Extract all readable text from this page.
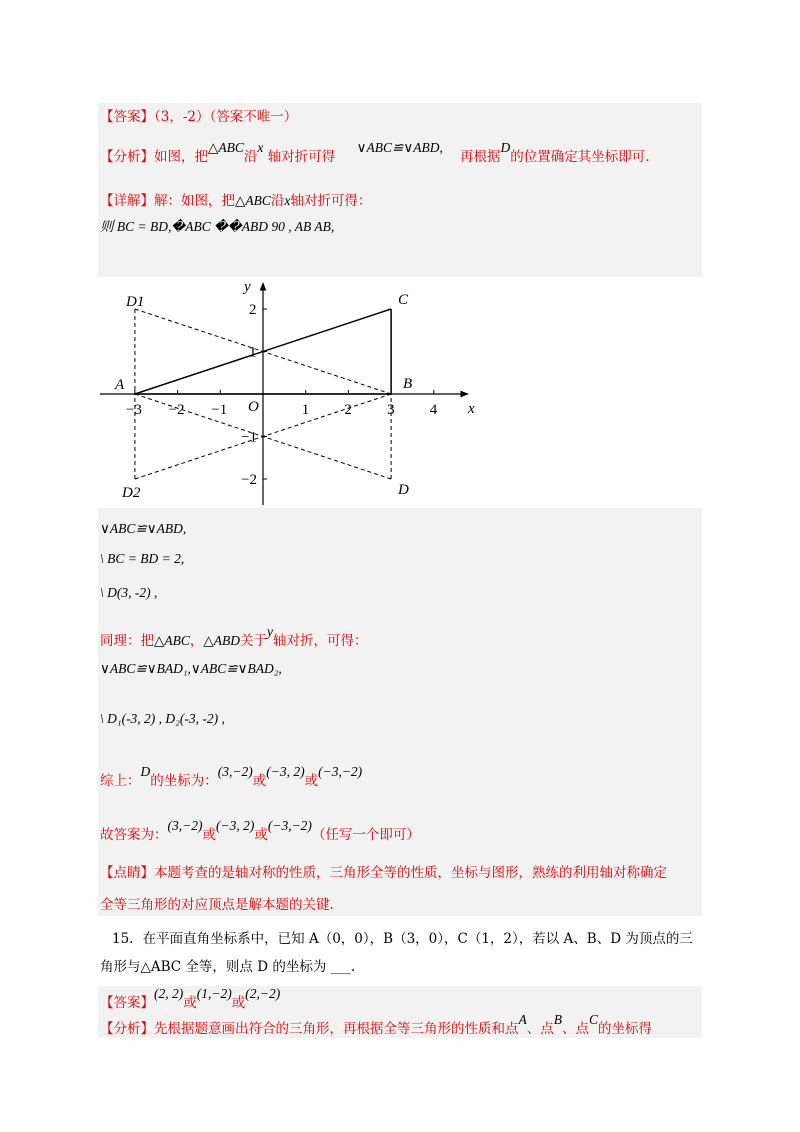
【答案】（3，-2）（答案不唯一）
【分析】如图，把△ABC沿x 轴对折可得     ∨ABC≌∨ABD,    再根据D的位置确定其坐标即可.
【详解】解：如图，把△ABC沿x轴对折可得：
则 BC = BD,�ABC ��ABD 90 , AB AB,
−3 −2 −1	1 2 3 4
2
1
−1
−2
x
y
O
A	B
C
D
D1
D2
∨ABC≌∨ABD,
\ BC = BD = 2,
\ D(3, -2) ,
同理：把△ABC，△ABD关于y轴对折，可得：
∨ABC≌∨BAD₁,∨ABC≌∨BAD₂,
\ D₁(-3, 2) , D₂(-3, -2) ,
综上：D的坐标为：(3,−2)或(−3, 2)或(−3,−2)
故答案为：(3,−2)或(−3, 2)或(−3,−2)（任写一个即可）
【点睛】本题考查的是轴对称的性质，三角形全等的性质，坐标与图形，熟练的利用轴对称确定
全等三角形的对应顶点是解本题的关键.
15．在平面直角坐标系中，已知 A（0，0），B（3，0），C（1，2），若以 A、B、D 为顶点的三
角形与△ABC 全等，则点 D 的坐标为 ___.
【答案】(2, 2)或(1,−2)或(2,−2)
【分析】先根据题意画出符合的三角形，再根据全等三角形的性质和点A、点B、点C的坐标得
